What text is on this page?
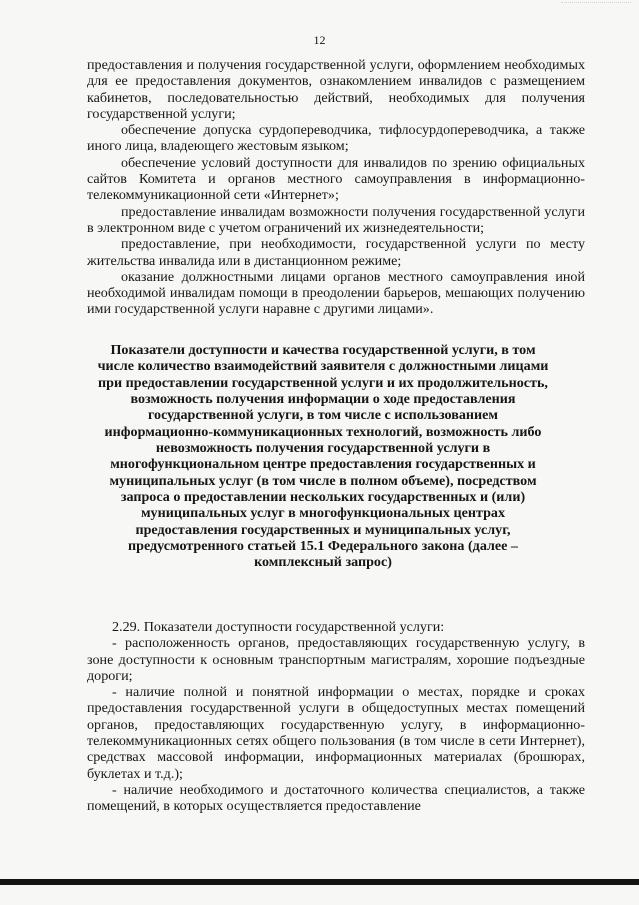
12

предоставления и получения государственной услуги, оформлением необходимых для ее предоставления документов, ознакомлением инвалидов с размещением кабинетов, последовательностью действий, необходимых для получения государственной услуги;

обеспечение допуска сурдопереводчика, тифлосурдопереводчика, а также иного лица, владеющего жестовым языком;

обеспечение условий доступности для инвалидов по зрению официальных сайтов Комитета и органов местного самоуправления в информационно-телекоммуникационной сети «Интернет»;

предоставление инвалидам возможности получения государственной услуги в электронном виде с учетом ограничений их жизнедеятельности;

предоставление, при необходимости, государственной услуги по месту жительства инвалида или в дистанционном режиме;

оказание должностными лицами органов местного самоуправления иной необходимой инвалидам помощи в преодолении барьеров, мешающих получению ими государственной услуги наравне с другими лицами».

Показатели доступности и качества государственной услуги, в том числе количество взаимодействий заявителя с должностными лицами при предоставлении государственной услуги и их продолжительность, возможность получения информации о ходе предоставления государственной услуги, в том числе с использованием информационно-коммуникационных технологий, возможность либо невозможность получения государственной услуги в многофункциональном центре предоставления государственных и муниципальных услуг (в том числе в полном объеме), посредством запроса о предоставлении нескольких государственных и (или) муниципальных услуг в многофункциональных центрах предоставления государственных и муниципальных услуг, предусмотренного статьей 15.1 Федерального закона (далее – комплексный запрос)

2.29. Показатели доступности государственной услуги:

- расположенность органов, предоставляющих государственную услугу, в зоне доступности к основным транспортным магистралям, хорошие подъездные дороги;

- наличие полной и понятной информации о местах, порядке и сроках предоставления государственной услуги в общедоступных местах помещений органов, предоставляющих государственную услугу, в информационно-телекоммуникационных сетях общего пользования (в том числе в сети Интернет), средствах массовой информации, информационных материалах (брошюрах, буклетах и т.д.);

- наличие необходимого и достаточного количества специалистов, а также помещений, в которых осуществляется предоставление
